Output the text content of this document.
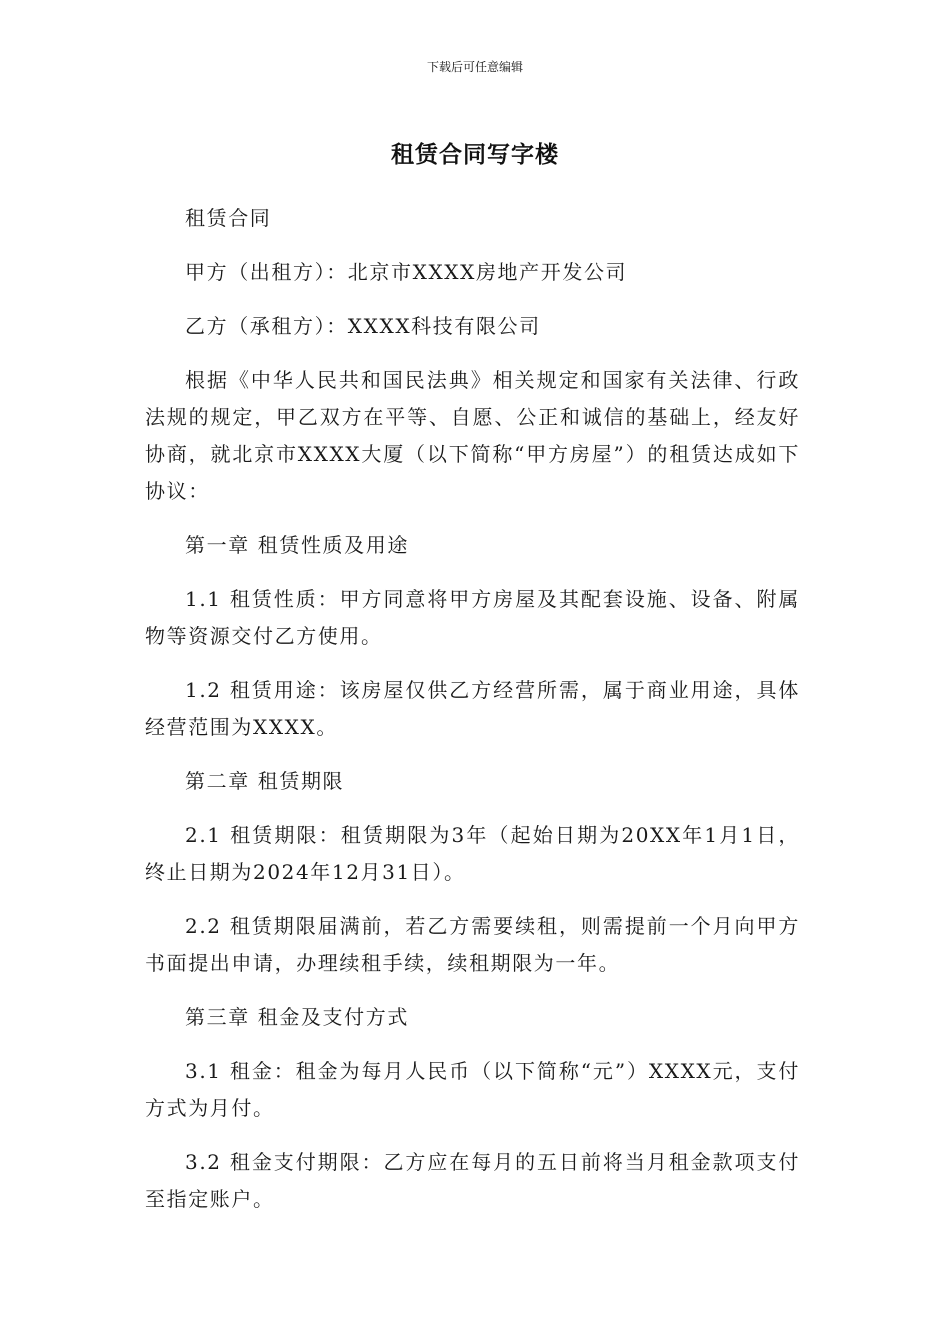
下载后可任意编辑
租赁合同写字楼

租赁合同

甲方（出租方）：北京市XXXX房地产开发公司

乙方（承租方）：XXXX科技有限公司

根据《中华人民共和国民法典》相关规定和国家有关法律、行政法规的规定，甲乙双方在平等、自愿、公正和诚信的基础上，经友好协商，就北京市XXXX大厦（以下简称“甲方房屋”）的租赁达成如下协议：

第一章 租赁性质及用途

1.1 租赁性质：甲方同意将甲方房屋及其配套设施、设备、附属物等资源交付乙方使用。

1.2 租赁用途：该房屋仅供乙方经营所需，属于商业用途，具体经营范围为XXXX。

第二章 租赁期限

2.1 租赁期限：租赁期限为3年（起始日期为20XX年1月1日，终止日期为2024年12月31日）。

2.2 租赁期限届满前，若乙方需要续租，则需提前一个月向甲方书面提出申请，办理续租手续，续租期限为一年。

第三章 租金及支付方式

3.1 租金：租金为每月人民币（以下简称“元”）XXXX元，支付方式为月付。

3.2 租金支付期限：乙方应在每月的五日前将当月租金款项支付至指定账户。
